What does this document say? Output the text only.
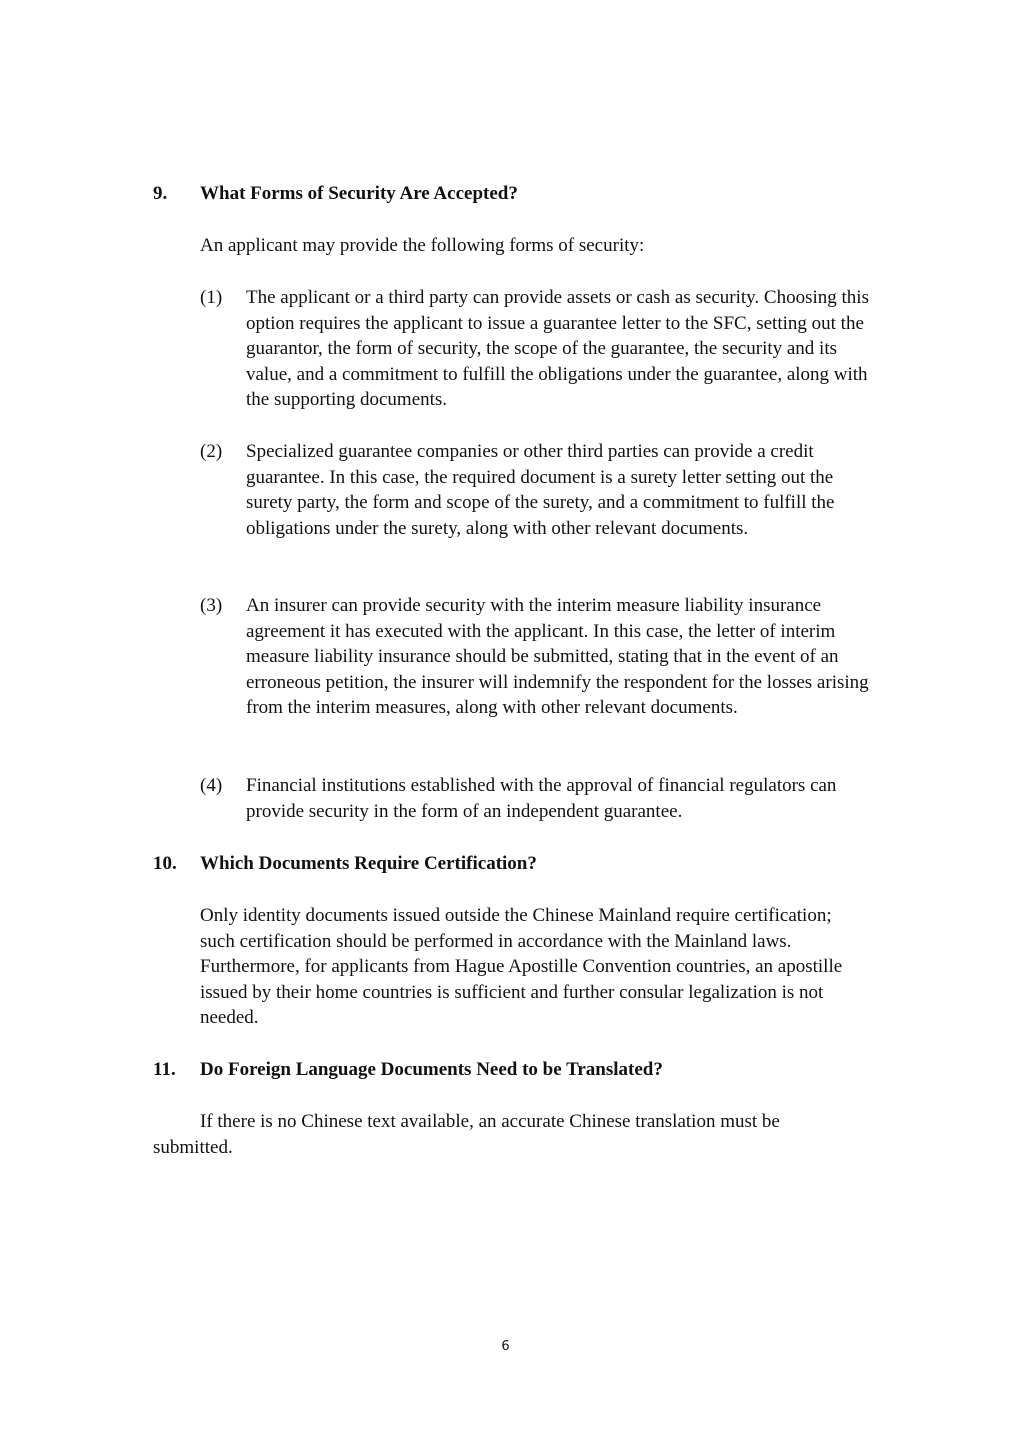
9. What Forms of Security Are Accepted?
An applicant may provide the following forms of security:
(1) The applicant or a third party can provide assets or cash as security. Choosing this option requires the applicant to issue a guarantee letter to the SFC, setting out the guarantor, the form of security, the scope of the guarantee, the security and its value, and a commitment to fulfill the obligations under the guarantee, along with the supporting documents.
(2) Specialized guarantee companies or other third parties can provide a credit guarantee. In this case, the required document is a surety letter setting out the surety party, the form and scope of the surety, and a commitment to fulfill the obligations under the surety, along with other relevant documents.
(3) An insurer can provide security with the interim measure liability insurance agreement it has executed with the applicant. In this case, the letter of interim measure liability insurance should be submitted, stating that in the event of an erroneous petition, the insurer will indemnify the respondent for the losses arising from the interim measures, along with other relevant documents.
(4) Financial institutions established with the approval of financial regulators can provide security in the form of an independent guarantee.
10. Which Documents Require Certification?
Only identity documents issued outside the Chinese Mainland require certification; such certification should be performed in accordance with the Mainland laws. Furthermore, for applicants from Hague Apostille Convention countries, an apostille issued by their home countries is sufficient and further consular legalization is not needed.
11. Do Foreign Language Documents Need to be Translated?
If there is no Chinese text available, an accurate Chinese translation must be submitted.
6
